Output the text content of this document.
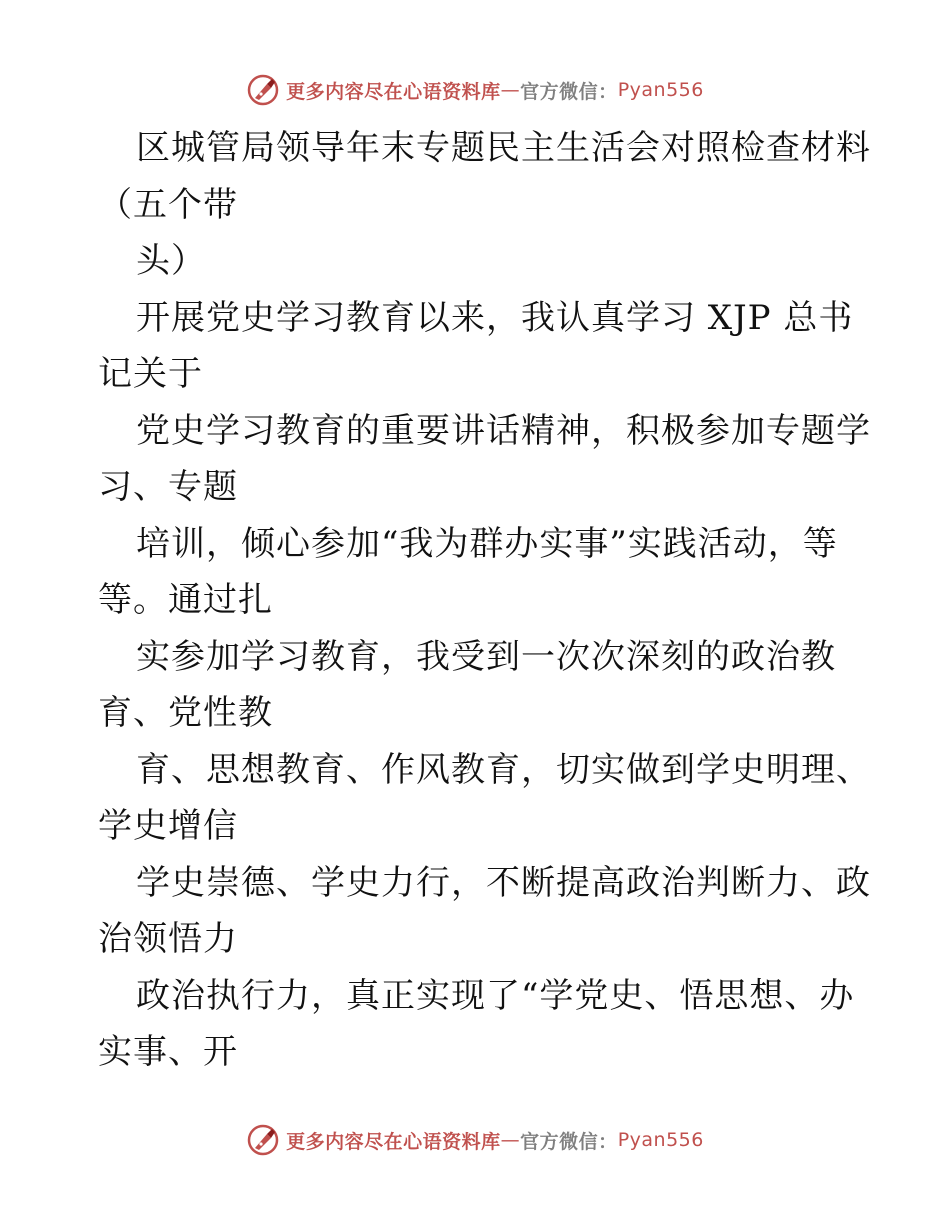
更多内容尽在心语资料库 — 官方微信： Pyan556
区城管局领导年末专题民主生活会对照检查材料
（五个带
头）
开展党史学习教育以来，我认真学习 XJP 总书
记关于
党史学习教育的重要讲话精神，积极参加专题学
习、专题
培训，倾心参加“我为群办实事”实践活动，等
等。通过扎
实参加学习教育，我受到一次次深刻的政治教
育、党性教
育、思想教育、作风教育，切实做到学史明理、
学史增信
学史崇德、学史力行，不断提高政治判断力、政
治领悟力
政治执行力，真正实现了“学党史、悟思想、办
实事、开
更多内容尽在心语资料库 — 官方微信： Pyan556
